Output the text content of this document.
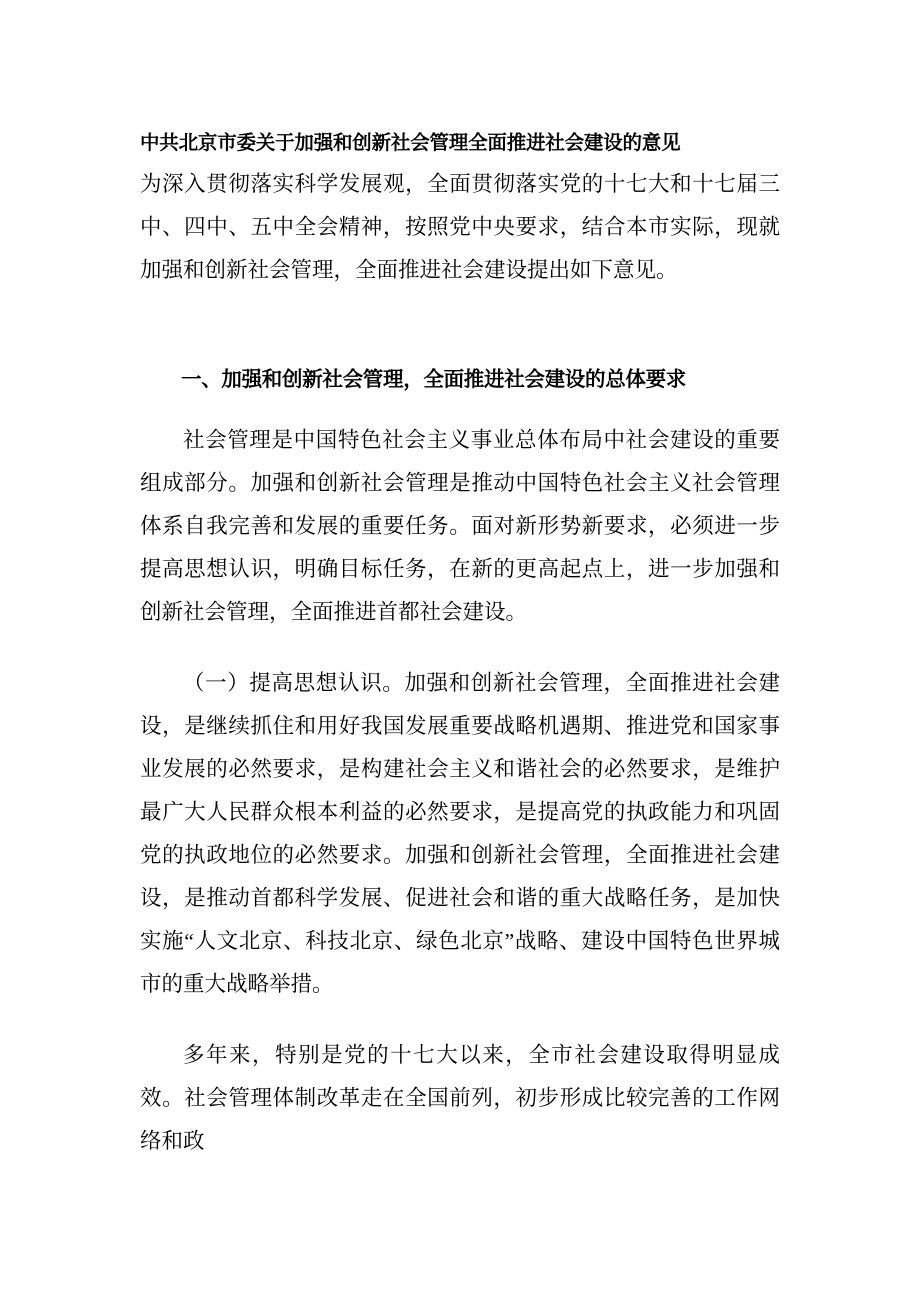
中共北京市委关于加强和创新社会管理全面推进社会建设的意见

为深入贯彻落实科学发展观，全面贯彻落实党的十七大和十七届三中、四中、五中全会精神，按照党中央要求，结合本市实际，现就加强和创新社会管理，全面推进社会建设提出如下意见。

一、加强和创新社会管理，全面推进社会建设的总体要求

社会管理是中国特色社会主义事业总体布局中社会建设的重要组成部分。加强和创新社会管理是推动中国特色社会主义社会管理体系自我完善和发展的重要任务。面对新形势新要求，必须进一步提高思想认识，明确目标任务，在新的更高起点上，进一步加强和创新社会管理，全面推进首都社会建设。

（一）提高思想认识。加强和创新社会管理，全面推进社会建设，是继续抓住和用好我国发展重要战略机遇期、推进党和国家事业发展的必然要求，是构建社会主义和谐社会的必然要求，是维护最广大人民群众根本利益的必然要求，是提高党的执政能力和巩固党的执政地位的必然要求。加强和创新社会管理，全面推进社会建设，是推动首都科学发展、促进社会和谐的重大战略任务，是加快实施“人文北京、科技北京、绿色北京”战略、建设中国特色世界城市的重大战略举措。

多年来，特别是党的十七大以来，全市社会建设取得明显成效。社会管理体制改革走在全国前列，初步形成比较完善的工作网络和政
